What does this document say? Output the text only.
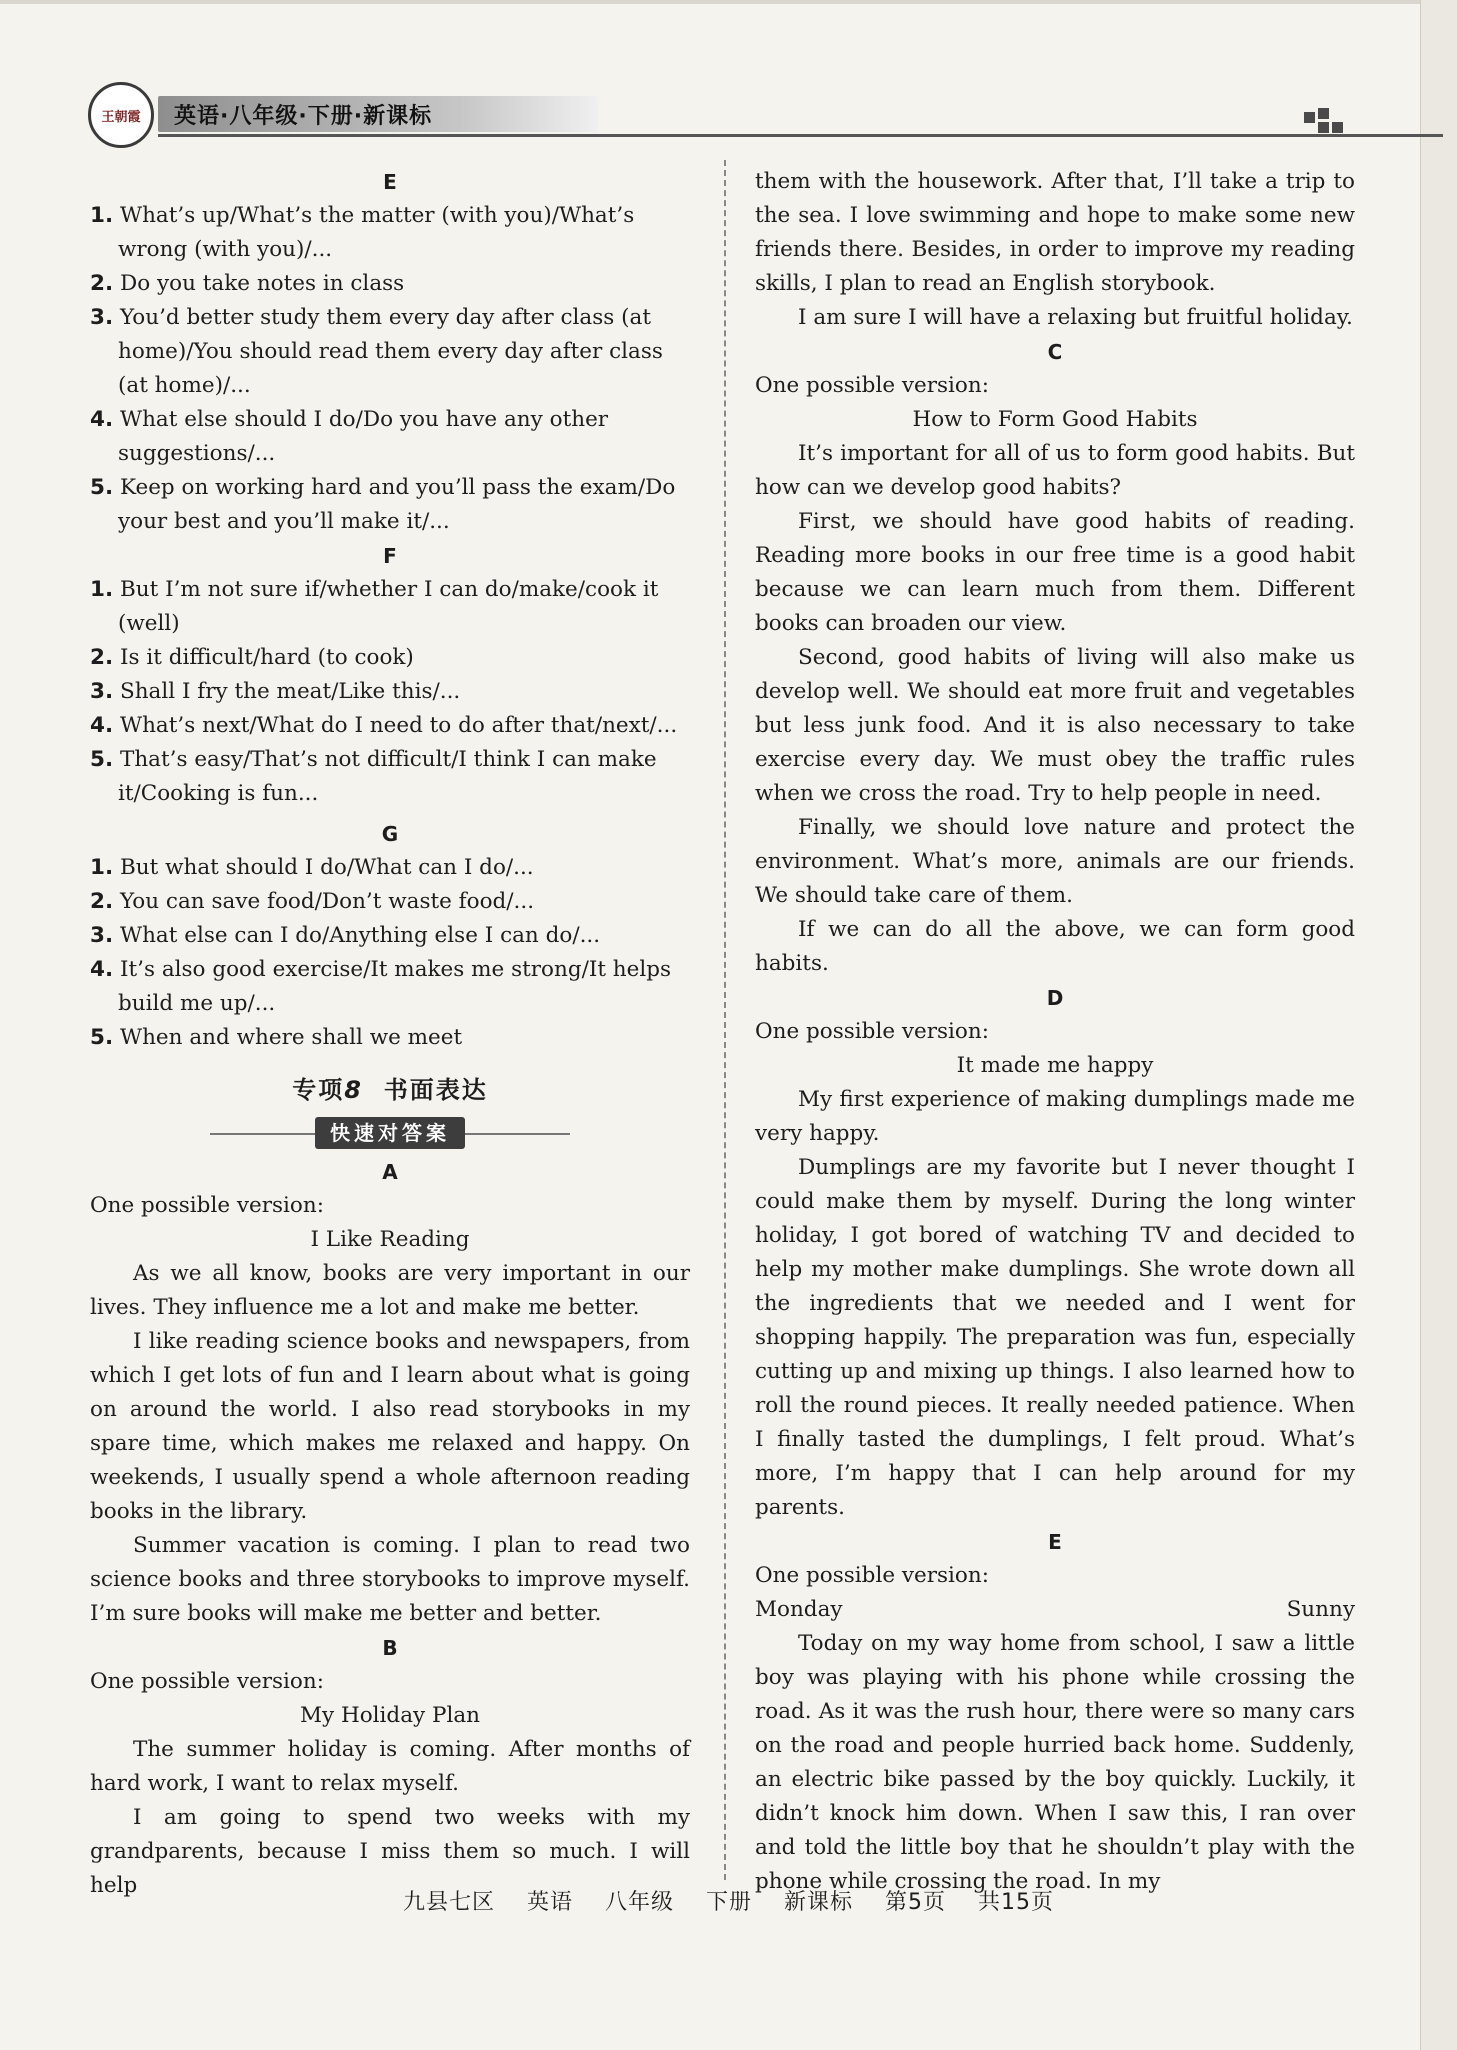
王朝霞 英语·八年级·下册·新课标
E
1. What’s up/What’s the matter (with you)/What’s wrong (with you)/...
2. Do you take notes in class
3. You’d better study them every day after class (at home)/You should read them every day after class (at home)/...
4. What else should I do/Do you have any other suggestions/...
5. Keep on working hard and you’ll pass the exam/Do your best and you’ll make it/...
F
1. But I’m not sure if/whether I can do/make/cook it (well)
2. Is it difficult/hard (to cook)
3. Shall I fry the meat/Like this/...
4. What’s next/What do I need to do after that/next/...
5. That’s easy/That’s not difficult/I think I can make it/Cooking is fun...
G
1. But what should I do/What can I do/...
2. You can save food/Don’t waste food/...
3. What else can I do/Anything else I can do/...
4. It’s also good exercise/It makes me strong/It helps build me up/...
5. When and where shall we meet
专项8 书面表达
快速对答案
A
One possible version:
I Like Reading
As we all know, books are very important in our lives. They influence me a lot and make me better.
I like reading science books and newspapers, from which I get lots of fun and I learn about what is going on around the world. I also read storybooks in my spare time, which makes me relaxed and happy. On weekends, I usually spend a whole afternoon reading books in the library.
Summer vacation is coming. I plan to read two science books and three storybooks to improve myself. I’m sure books will make me better and better.
B
One possible version:
My Holiday Plan
The summer holiday is coming. After months of hard work, I want to relax myself.
I am going to spend two weeks with my grandparents, because I miss them so much. I will help
them with the housework. After that, I’ll take a trip to the sea. I love swimming and hope to make some new friends there. Besides, in order to improve my reading skills, I plan to read an English storybook.
I am sure I will have a relaxing but fruitful holiday.
C
One possible version:
How to Form Good Habits
It’s important for all of us to form good habits. But how can we develop good habits?
First, we should have good habits of reading. Reading more books in our free time is a good habit because we can learn much from them. Different books can broaden our view.
Second, good habits of living will also make us develop well. We should eat more fruit and vegetables but less junk food. And it is also necessary to take exercise every day. We must obey the traffic rules when we cross the road. Try to help people in need.
Finally, we should love nature and protect the environment. What’s more, animals are our friends. We should take care of them.
If we can do all the above, we can form good habits.
D
One possible version:
It made me happy
My first experience of making dumplings made me very happy.
Dumplings are my favorite but I never thought I could make them by myself. During the long winter holiday, I got bored of watching TV and decided to help my mother make dumplings. She wrote down all the ingredients that we needed and I went for shopping happily. The preparation was fun, especially cutting up and mixing up things. I also learned how to roll the round pieces. It really needed patience. When I finally tasted the dumplings, I felt proud. What’s more, I’m happy that I can help around for my parents.
E
One possible version:
Monday	Sunny
Today on my way home from school, I saw a little boy was playing with his phone while crossing the road. As it was the rush hour, there were so many cars on the road and people hurried back home. Suddenly, an electric bike passed by the boy quickly. Luckily, it didn’t knock him down. When I saw this, I ran over and told the little boy that he shouldn’t play with the phone while crossing the road. In my
九县七区 英语 八年级 下册 新课标 第5页 共15页
